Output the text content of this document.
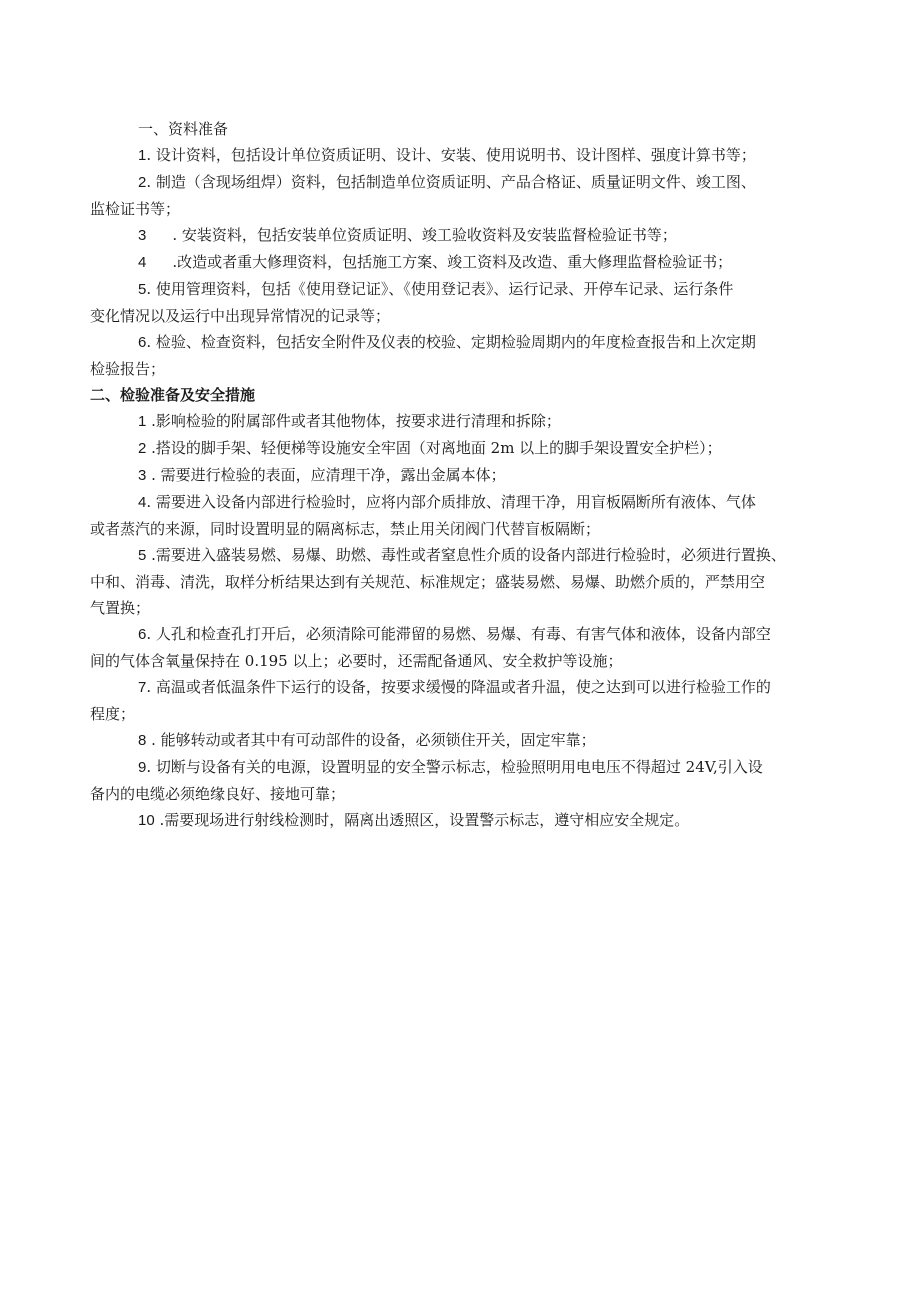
一、资料准备
1. 设计资料，包括设计单位资质证明、设计、安装、使用说明书、设计图样、强度计算书等；
2. 制造（含现场组焊）资料，包括制造单位资质证明、产品合格证、质量证明文件、竣工图、
监检证书等；
3 . 安装资料，包括安装单位资质证明、竣工验收资料及安装监督检验证书等；
4 .改造或者重大修理资料，包括施工方案、竣工资料及改造、重大修理监督检验证书；
5. 使用管理资料，包括《使用登记证》、《使用登记表》、运行记录、开停车记录、运行条件
变化情况以及运行中出现异常情况的记录等；
6. 检验、检查资料，包括安全附件及仪表的校验、定期检验周期内的年度检查报告和上次定期
检验报告；
二、检验准备及安全措施
1 .影响检验的附属部件或者其他物体，按要求进行清理和拆除；
2 .搭设的脚手架、轻便梯等设施安全牢固（对离地面 2m 以上的脚手架设置安全护栏）；
3 . 需要进行检验的表面，应清理干净，露出金属本体；
4. 需要进入设备内部进行检验时，应将内部介质排放、清理干净，用盲板隔断所有液体、气体
或者蒸汽的来源，同时设置明显的隔离标志，禁止用关闭阀门代替盲板隔断；
5 .需要进入盛装易燃、易爆、助燃、毒性或者窒息性介质的设备内部进行检验时，必须进行置换、
中和、消毒、清洗，取样分析结果达到有关规范、标准规定；盛装易燃、易爆、助燃介质的，严禁用空
气置换；
6. 人孔和检查孔打开后，必须清除可能滞留的易燃、易爆、有毒、有害气体和液体，设备内部空
间的气体含氧量保持在 0.195 以上；必要时，还需配备通风、安全救护等设施；
7. 高温或者低温条件下运行的设备，按要求缓慢的降温或者升温，使之达到可以进行检验工作的
程度；
8 . 能够转动或者其中有可动部件的设备，必须锁住开关，固定牢靠；
9. 切断与设备有关的电源，设置明显的安全警示标志，检验照明用电电压不得超过 24V,引入设
备内的电缆必须绝缘良好、接地可靠；
10 .需要现场进行射线检测时，隔离出透照区，设置警示标志，遵守相应安全规定。
